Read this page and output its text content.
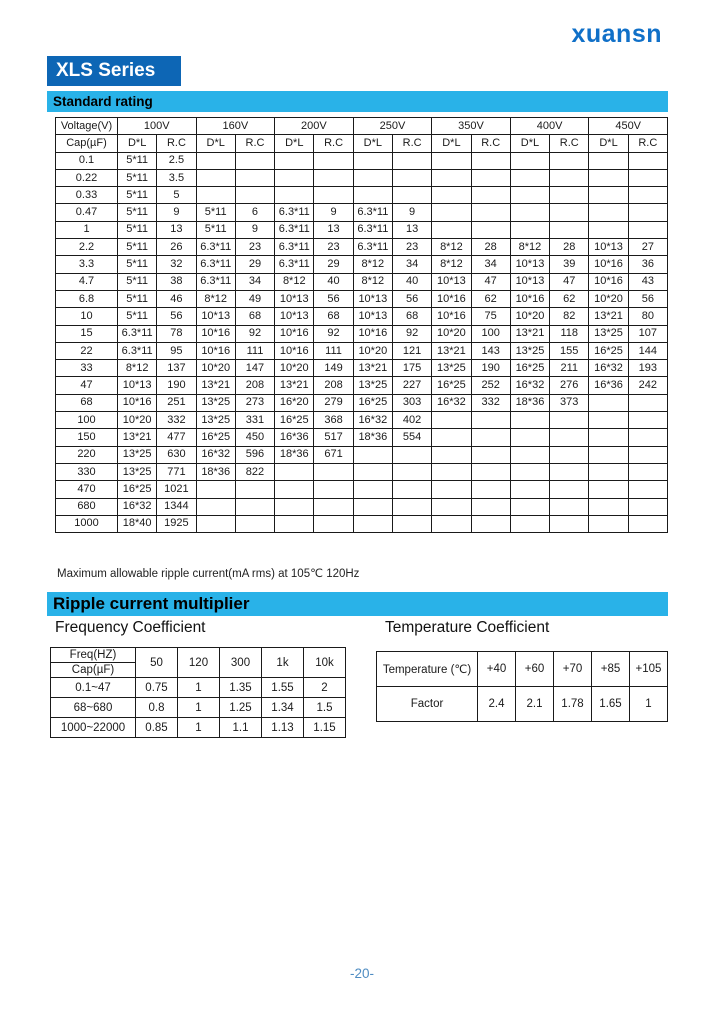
xuansn
XLS Series
Standard rating
Voltage(V)	100V		160V		200V		250V		350V		400V		450V	
Cap(µF)	D*L	R.C	D*L	R.C	D*L	R.C	D*L	R.C	D*L	R.C	D*L	R.C	D*L	R.C
0.1	5*11	2.5												
0.22	5*11	3.5												
0.33	5*11	5												
0.47	5*11	9	5*11	6	6.3*11	9	6.3*11	9						
1	5*11	13	5*11	9	6.3*11	13	6.3*11	13						
2.2	5*11	26	6.3*11	23	6.3*11	23	6.3*11	23	8*12	28	8*12	28	10*13	27
3.3	5*11	32	6.3*11	29	6.3*11	29	8*12	34	8*12	34	10*13	39	10*16	36
4.7	5*11	38	6.3*11	34	8*12	40	8*12	40	10*13	47	10*13	47	10*16	43
6.8	5*11	46	8*12	49	10*13	56	10*13	56	10*16	62	10*16	62	10*20	56
10	5*11	56	10*13	68	10*13	68	10*13	68	10*16	75	10*20	82	13*21	80
15	6.3*11	78	10*16	92	10*16	92	10*16	92	10*20	100	13*21	118	13*25	107
22	6.3*11	95	10*16	111	10*16	111	10*20	121	13*21	143	13*25	155	16*25	144
33	8*12	137	10*20	147	10*20	149	13*21	175	13*25	190	16*25	211	16*32	193
47	10*13	190	13*21	208	13*21	208	13*25	227	16*25	252	16*32	276	16*36	242
68	10*16	251	13*25	273	16*20	279	16*25	303	16*32	332	18*36	373		
100	10*20	332	13*25	331	16*25	368	16*32	402						
150	13*21	477	16*25	450	16*36	517	18*36	554						
220	13*25	630	16*32	596	18*36	671								
330	13*25	771	18*36	822										
470	16*25	1021												
680	16*32	1344												
1000	18*40	1925												
Maximum allowable ripple current(mA rms) at 105℃ 120Hz
Ripple current multiplier
Frequency Coefficient	Temperature Coefficient
Freq(HZ)	50	120	300	1k	10k
Cap(µF)					
0.1~47	0.75	1	1.35	1.55	2
68~680	0.8	1	1.25	1.34	1.5
1000~22000	0.85	1	1.1	1.13	1.15
Temperature (℃)	+40	+60	+70	+85	+105
Factor	2.4	2.1	1.78	1.65	1
-20-
